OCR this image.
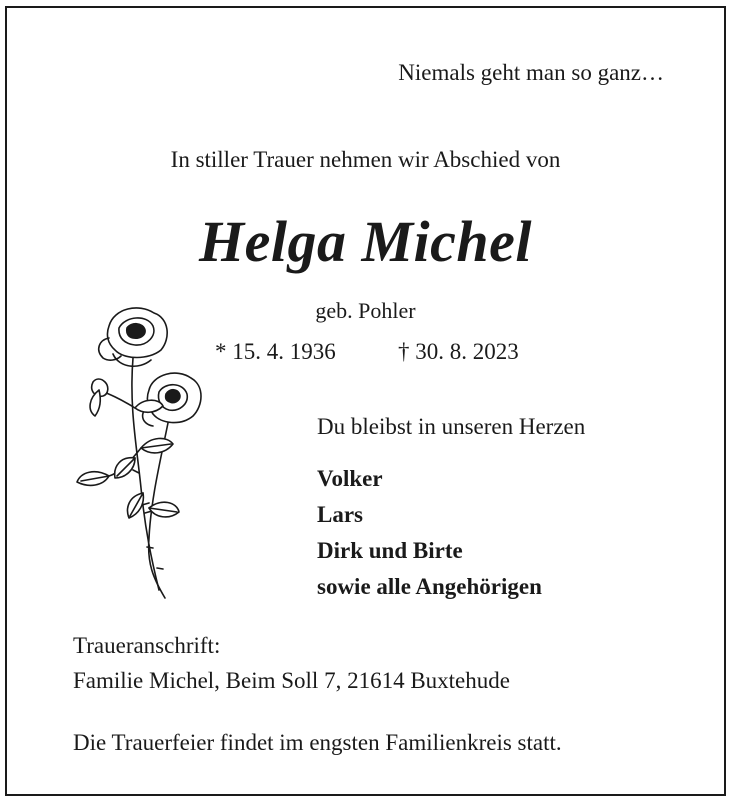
Niemals geht man so ganz…
In stiller Trauer nehmen wir Abschied von
Helga Michel
geb. Pohler
* 15. 4. 1936	† 30. 8. 2023
Du bleibst in unseren Herzen
Volker
Lars
Dirk und Birte
sowie alle Angehörigen
Traueranschrift:
Familie Michel, Beim Soll 7, 21614 Buxtehude
Die Trauerfeier findet im engsten Familienkreis statt.
